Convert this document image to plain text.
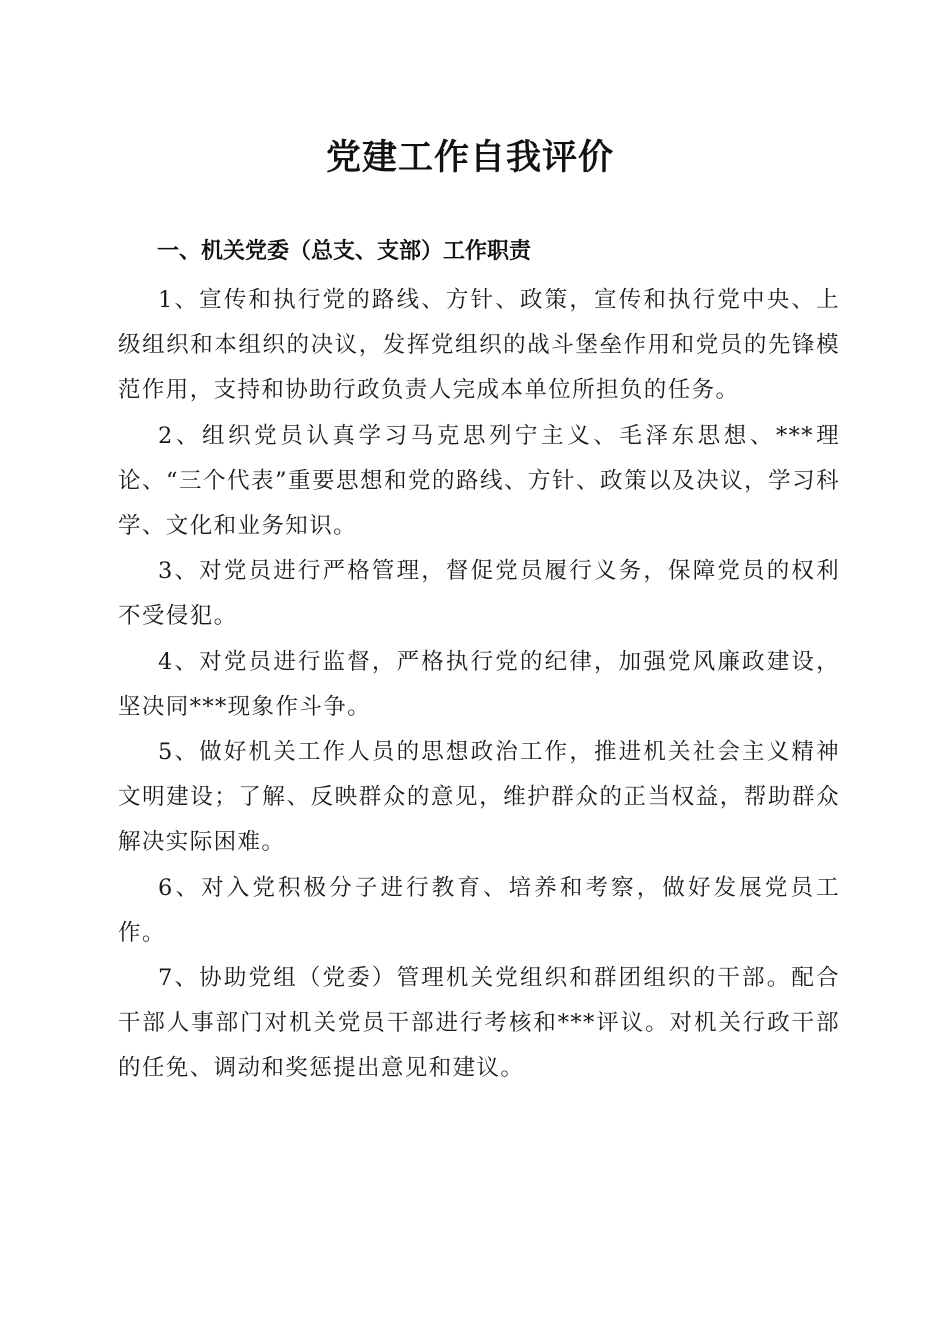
党建工作自我评价
一、机关党委（总支、支部）工作职责

1、宣传和执行党的路线、方针、政策，宣传和执行党中央、上级组织和本组织的决议，发挥党组织的战斗堡垒作用和党员的先锋模范作用，支持和协助行政负责人完成本单位所担负的任务。

2、组织党员认真学习马克思列宁主义、毛泽东思想、***理论、“三个代表”重要思想和党的路线、方针、政策以及决议，学习科学、文化和业务知识。

3、对党员进行严格管理，督促党员履行义务，保障党员的权利不受侵犯。

4、对党员进行监督，严格执行党的纪律，加强党风廉政建设，坚决同***现象作斗争。

5、做好机关工作人员的思想政治工作，推进机关社会主义精神文明建设；了解、反映群众的意见，维护群众的正当权益，帮助群众解决实际困难。

6、对入党积极分子进行教育、培养和考察，做好发展党员工作。

7、协助党组（党委）管理机关党组织和群团组织的干部。配合干部人事部门对机关党员干部进行考核和***评议。对机关行政干部的任免、调动和奖惩提出意见和建议。
